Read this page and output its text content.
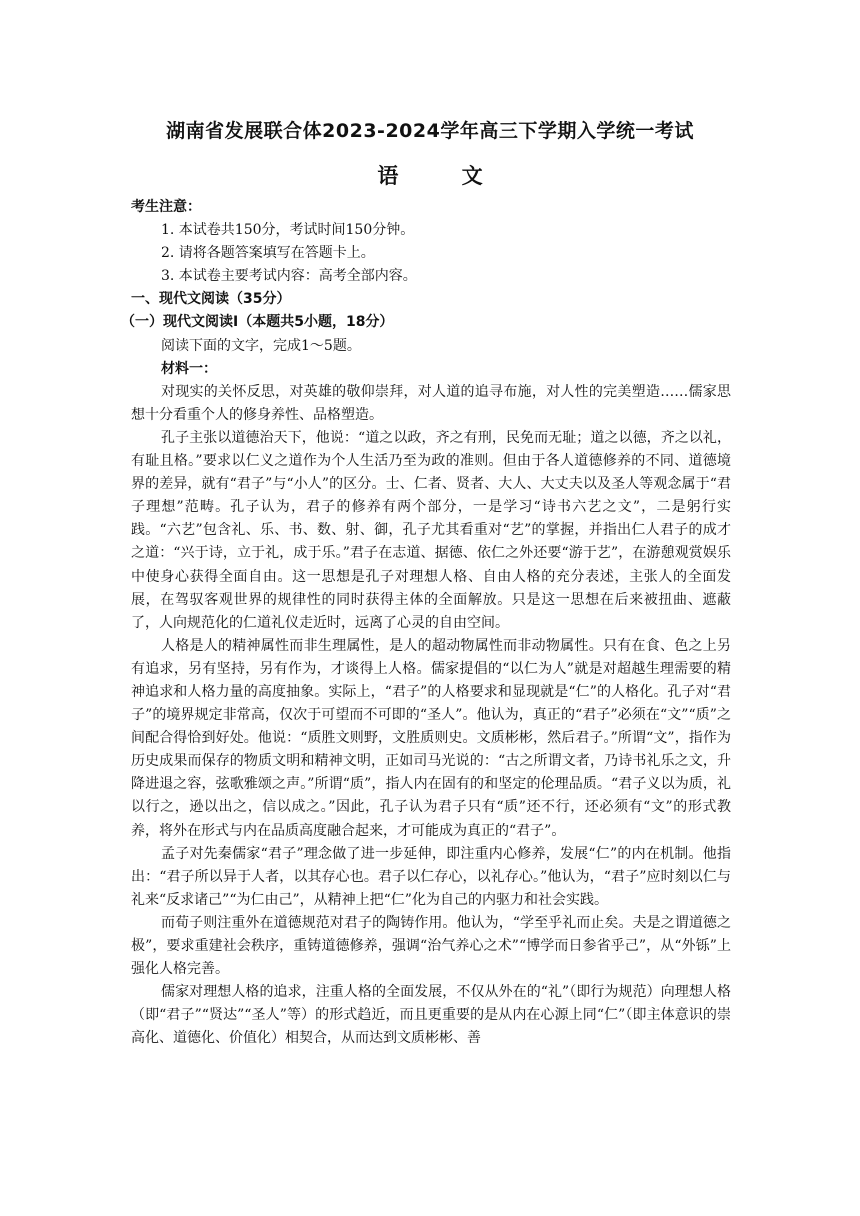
湖南省发展联合体2023-2024学年高三下学期入学统一考试
语 文

考生注意：

1. 本试卷共150分，考试时间150分钟。

2. 请将各题答案填写在答题卡上。

3. 本试卷主要考试内容：高考全部内容。

一、现代文阅读（35分）

（一）现代文阅读Ⅰ（本题共5小题，18分）

阅读下面的文字，完成1～5题。

材料一：

对现实的关怀反思，对英雄的敬仰崇拜，对人道的追寻布施，对人性的完美塑造……儒家思想十分看重个人的修身养性、品格塑造。

孔子主张以道德治天下，他说：“道之以政，齐之有刑，民免而无耻；道之以德，齐之以礼，有耻且格。”要求以仁义之道作为个人生活乃至为政的准则。但由于各人道德修养的不同、道德境界的差异，就有“君子”与“小人”的区分。士、仁者、贤者、大人、大丈夫以及圣人等观念属于“君子理想”范畴。孔子认为，君子的修养有两个部分，一是学习“诗书六艺之文”，二是躬行实践。“六艺”包含礼、乐、书、数、射、御，孔子尤其看重对“艺”的掌握，并指出仁人君子的成才之道：“兴于诗，立于礼，成于乐。”君子在志道、据德、依仁之外还要“游于艺”，在游憩观赏娱乐中使身心获得全面自由。这一思想是孔子对理想人格、自由人格的充分表述，主张人的全面发展，在驾驭客观世界的规律性的同时获得主体的全面解放。只是这一思想在后来被扭曲、遮蔽了，人向规范化的仁道礼仪走近时，远离了心灵的自由空间。

人格是人的精神属性而非生理属性，是人的超动物属性而非动物属性。只有在食、色之上另有追求，另有坚持，另有作为，才谈得上人格。儒家提倡的“以仁为人”就是对超越生理需要的精神追求和人格力量的高度抽象。实际上，“君子”的人格要求和显现就是“仁”的人格化。孔子对“君子”的境界规定非常高，仅次于可望而不可即的“圣人”。他认为，真正的“君子”必须在“文”“质”之间配合得恰到好处。他说：“质胜文则野，文胜质则史。文质彬彬，然后君子。”所谓“文”，指作为历史成果而保存的物质文明和精神文明，正如司马光说的：“古之所谓文者，乃诗书礼乐之文，升降进退之容，弦歌雅颂之声。”所谓“质”，指人内在固有的和坚定的伦理品质。“君子义以为质，礼以行之，逊以出之，信以成之。”因此，孔子认为君子只有“质”还不行，还必须有“文”的形式教养，将外在形式与内在品质高度融合起来，才可能成为真正的“君子”。

孟子对先秦儒家“君子”理念做了进一步延伸，即注重内心修养，发展“仁”的内在机制。他指出：“君子所以异于人者，以其存心也。君子以仁存心，以礼存心。”他认为，“君子”应时刻以仁与礼来“反求诸己”“为仁由己”，从精神上把“仁”化为自己的内驱力和社会实践。

而荀子则注重外在道德规范对君子的陶铸作用。他认为，“学至乎礼而止矣。夫是之谓道德之极”，要求重建社会秩序，重铸道德修养，强调“治气养心之术”“博学而日参省乎己”，从“外铄”上强化人格完善。

儒家对理想人格的追求，注重人格的全面发展，不仅从外在的“礼”（即行为规范）向理想人格（即“君子”“贤达”“圣人”等）的形式趋近，而且更重要的是从内在心源上同“仁”（即主体意识的崇高化、道德化、价值化）相契合，从而达到文质彬彬、善
